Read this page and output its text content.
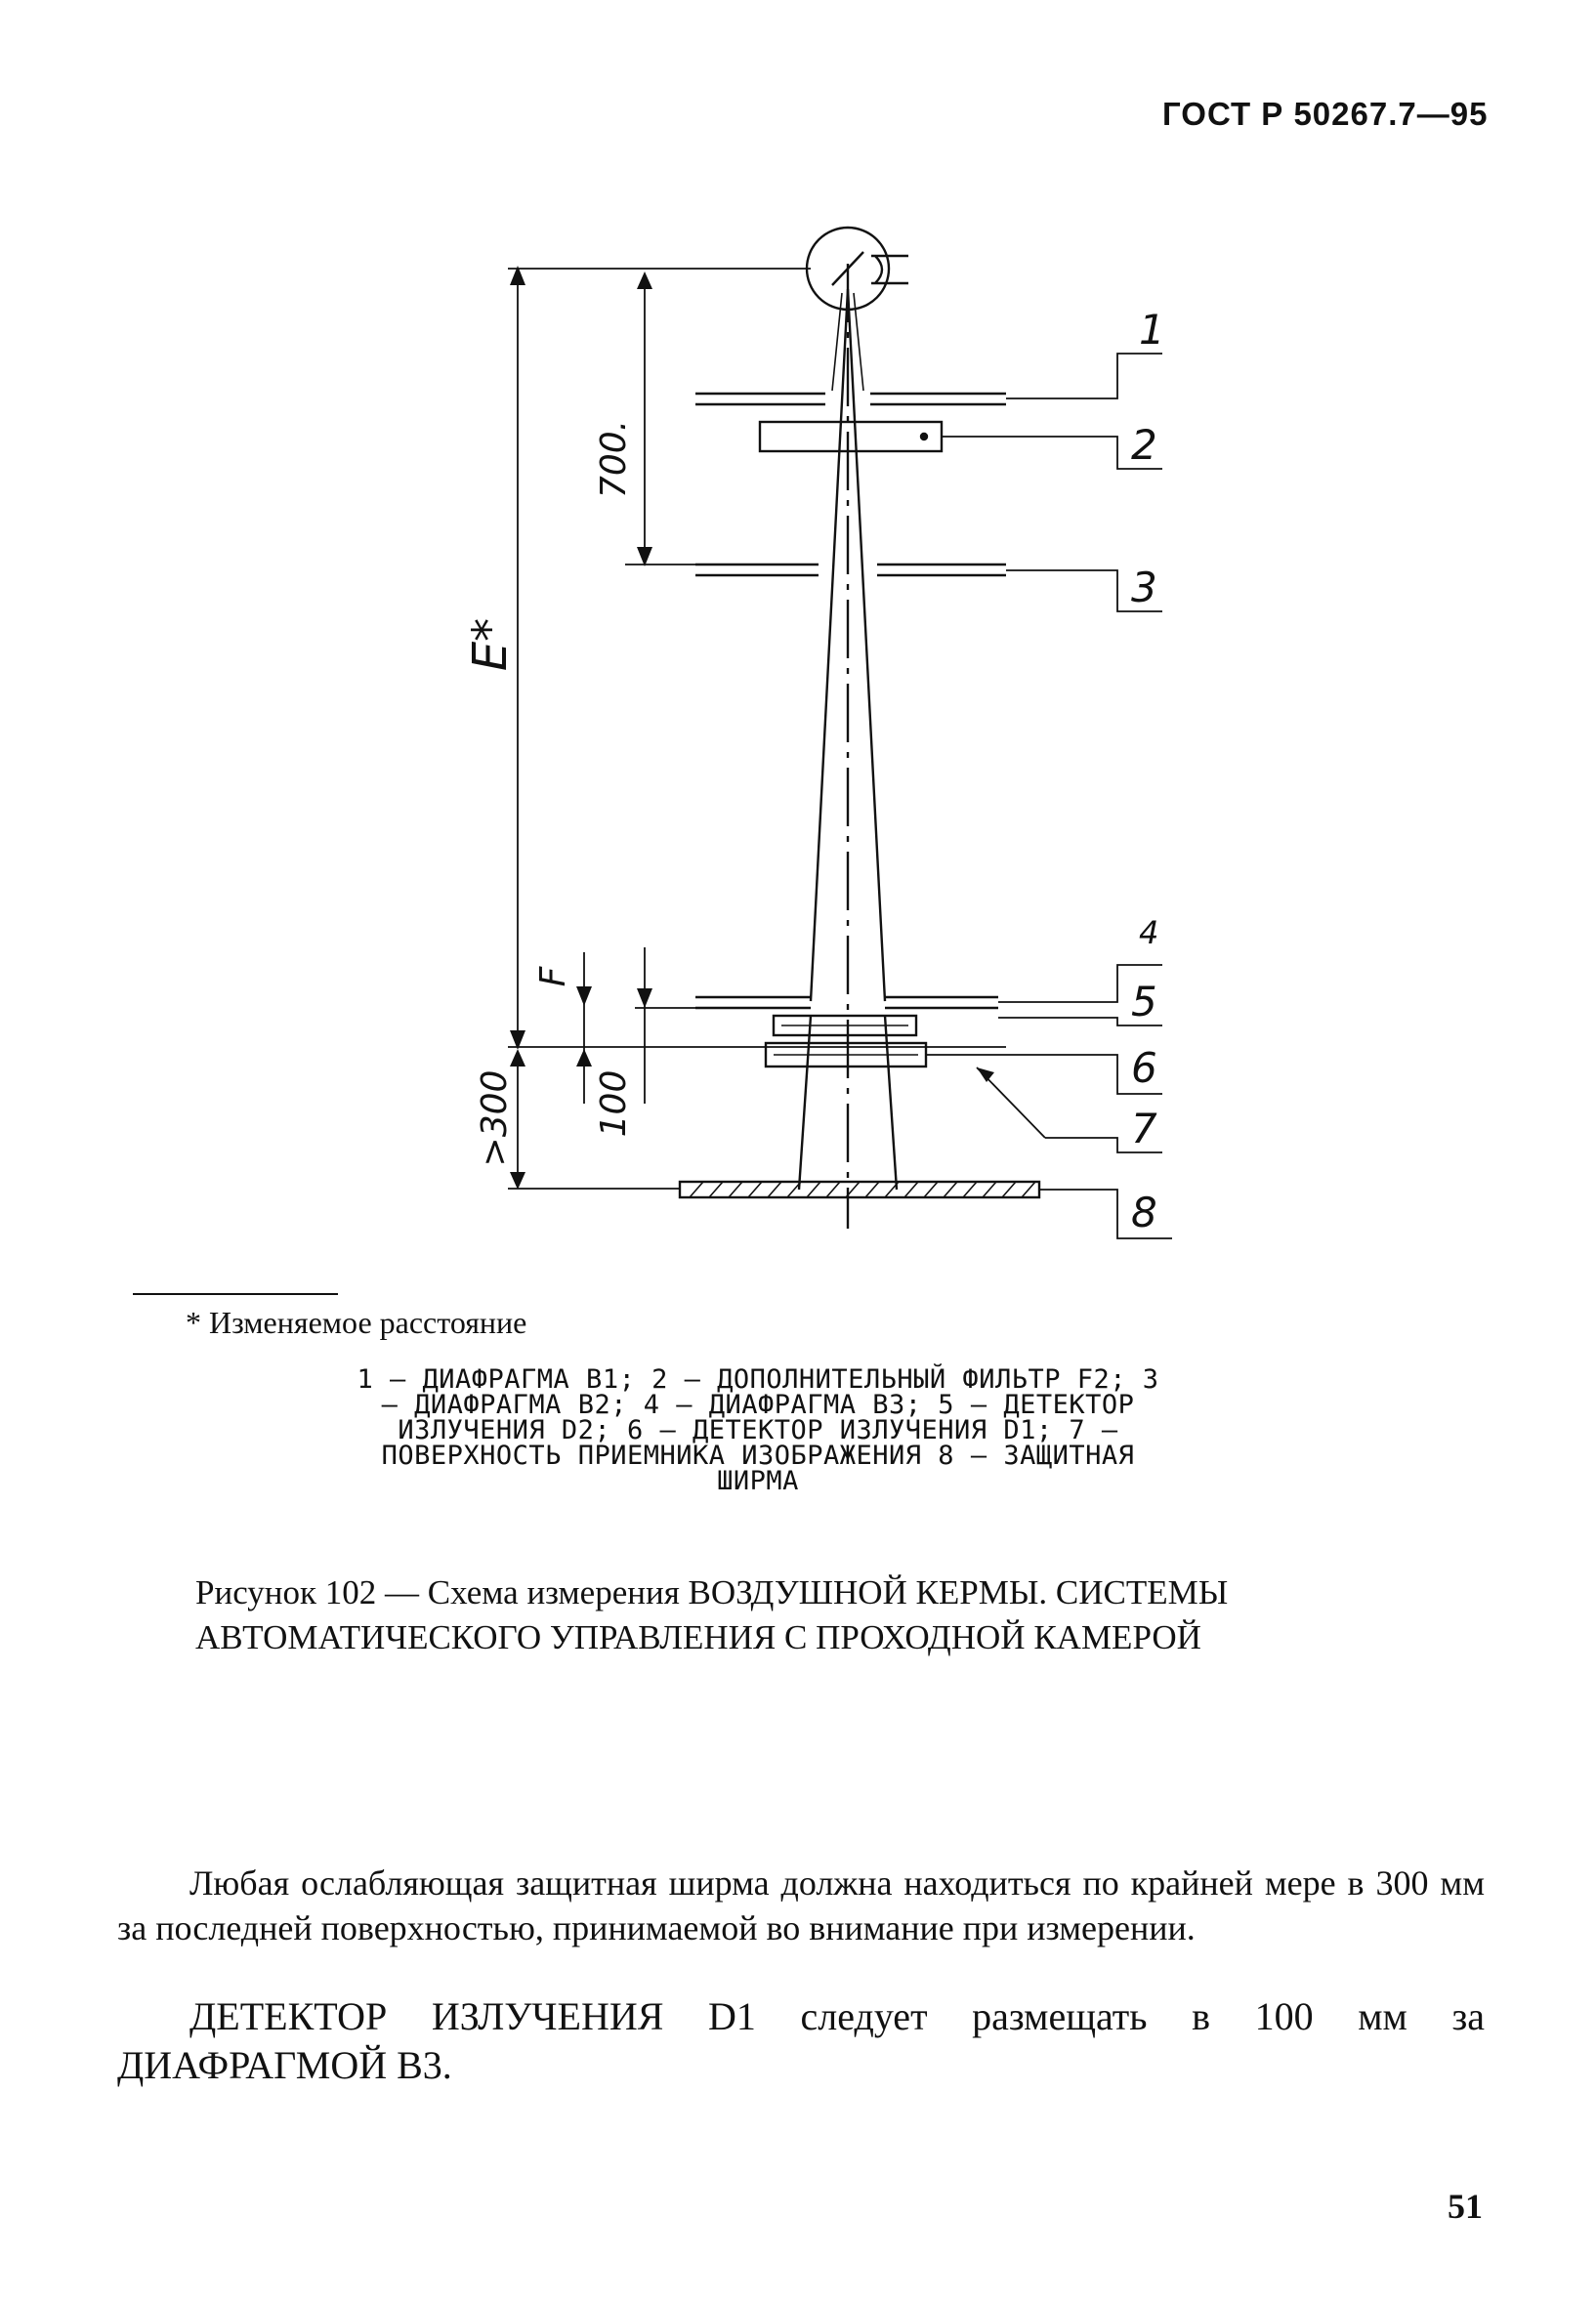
ГОСТ Р 50267.7—95
700.
E*
F
100
>300
1
2
3
4
5
6
7
8
* Изменяемое расстояние
1 — ДИАФРАГМА B1; 2 — ДОПОЛНИТЕЛЬНЫЙ ФИЛЬТР F2; 3 — ДИАФРАГМА B2; 4 — ДИАФРАГМА B3; 5 — ДЕТЕКТОР ИЗЛУЧЕНИЯ D2; 6 — ДЕТЕКТОР ИЗЛУЧЕНИЯ D1; 7 — ПОВЕРХНОСТЬ ПРИЕМНИКА ИЗОБРАЖЕНИЯ 8 — ЗАЩИТНАЯ ШИРМА
Рисунок 102 — Схема измерения ВОЗДУШНОЙ КЕРМЫ. СИСТЕМЫ АВТОМАТИЧЕСКОГО УПРАВЛЕНИЯ С ПРОХОДНОЙ КАМЕРОЙ
Любая ослабляющая защитная ширма должна находиться по крайней мере в 300 мм за последней поверхностью, принимаемой во внимание при измерении.
ДЕТЕКТОР ИЗЛУЧЕНИЯ D1 следует размещать в 100 мм за ДИАФРАГМОЙ B3.
51
